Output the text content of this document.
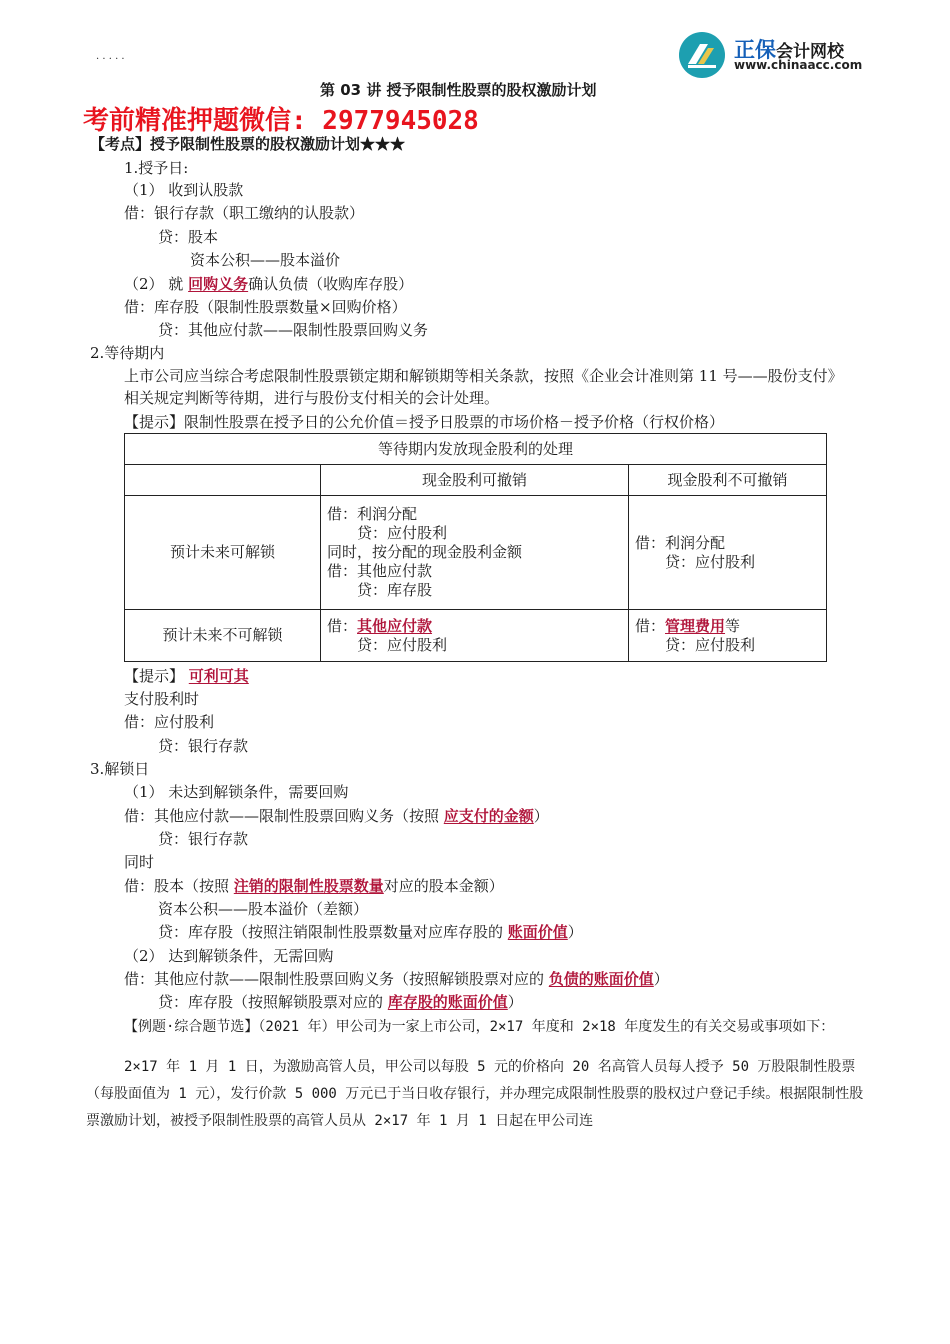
· · · · ·	正保会计网校
www.chinaacc.com
第 03 讲 授予限制性股票的股权激励计划
考前精准押题微信: 2977945028
【考点】授予限制性股票的股权激励计划★★★
1.授予日:
（1） 收到认股款
借：银行存款（职工缴纳的认股款）
贷：股本
资本公积——股本溢价
（2） 就 回购义务确认负债（收购库存股）
借：库存股（限制性股票数量×回购价格）
贷：其他应付款——限制性股票回购义务
2.等待期内
上市公司应当综合考虑限制性股票锁定期和解锁期等相关条款，按照《企业会计准则第 11 号——股份支付》相关规定判断等待期，进行与股份支付相关的会计处理。
【提示】限制性股票在授予日的公允价值＝授予日股票的市场价格－授予价格（行权价格）
等待期内发放现金股利的处理		
	现金股利可撤销	现金股利不可撤销
预计未来可解锁	借：利润分配
贷：应付股利
同时，按分配的现金股利金额
借：其他应付款
贷：库存股	借：利润分配
贷：应付股利

预计未来不可解锁	借：其他应付款
贷：应付股利	借：管理费用等
贷：应付股利
【提示】 可利可其
支付股利时
借：应付股利
贷：银行存款
3.解锁日
（1） 未达到解锁条件，需要回购
借：其他应付款——限制性股票回购义务（按照 应支付的金额）
贷：银行存款
同时
借：股本（按照 注销的限制性股票数量对应的股本金额）
资本公积——股本溢价（差额）
贷：库存股（按照注销限制性股票数量对应库存股的 账面价值）
（2） 达到解锁条件，无需回购
借：其他应付款——限制性股票回购义务（按照解锁股票对应的 负债的账面价值）
贷：库存股（按照解锁股票对应的 库存股的账面价值）
【例题·综合题节选】（2021 年）甲公司为一家上市公司，2×17 年度和 2×18 年度发生的有关交易或事项如下：
2×17 年 1 月 1 日，为激励高管人员，甲公司以每股 5 元的价格向 20 名高管人员每人授予 50 万股限制性股票（每股面值为 1 元），发行价款 5 000 万元已于当日收存银行，并办理完成限制性股票的股权过户登记手续。根据限制性股票激励计划，被授予限制性股票的高管人员从 2×17 年 1 月 1 日起在甲公司连
